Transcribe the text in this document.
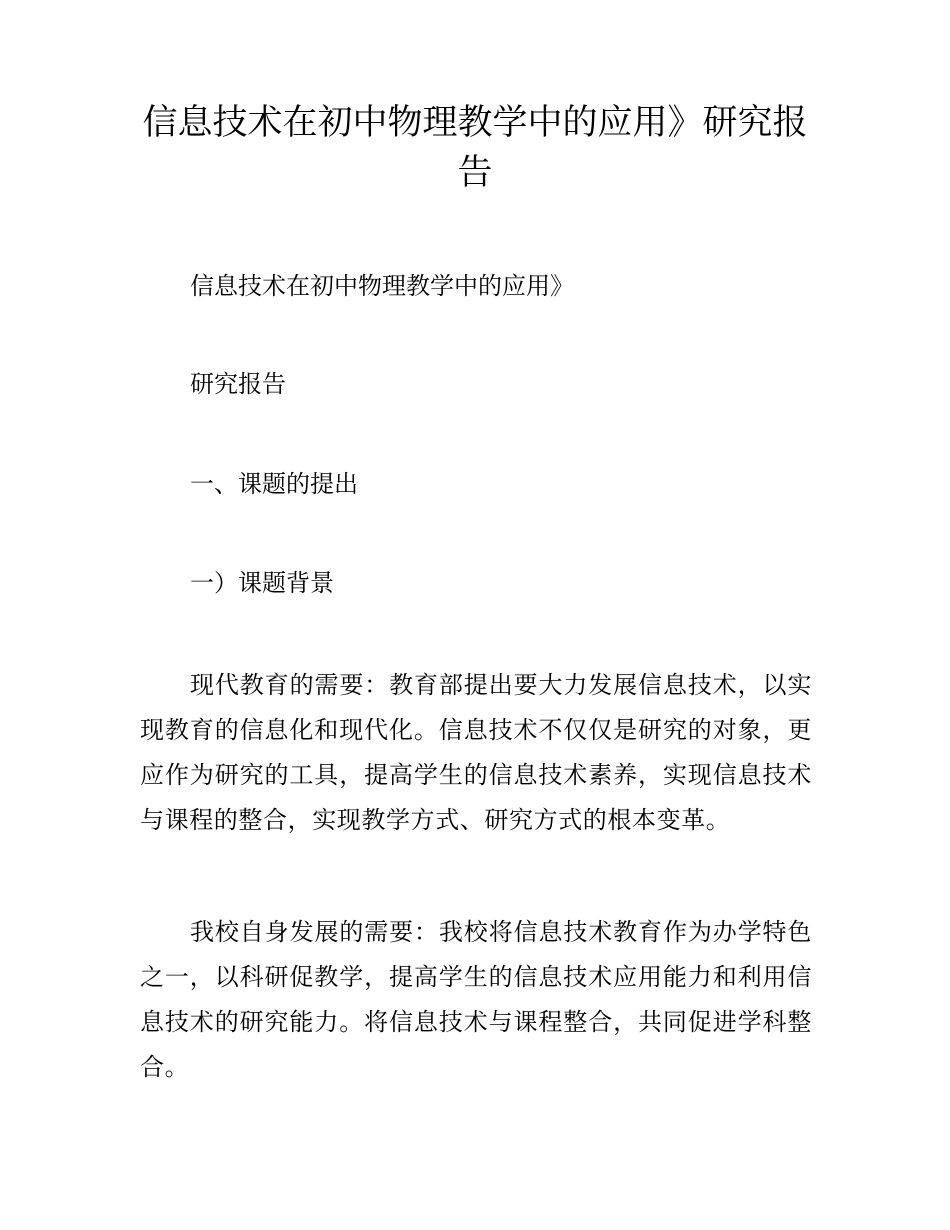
信息技术在初中物理教学中的应用》研究报告

信息技术在初中物理教学中的应用》

研究报告

一、课题的提出

一）课题背景

现代教育的需要：教育部提出要大力发展信息技术，以实现教育的信息化和现代化。信息技术不仅仅是研究的对象，更应作为研究的工具，提高学生的信息技术素养，实现信息技术与课程的整合，实现教学方式、研究方式的根本变革。

我校自身发展的需要：我校将信息技术教育作为办学特色之一，以科研促教学，提高学生的信息技术应用能力和利用信息技术的研究能力。将信息技术与课程整合，共同促进学科整合。
